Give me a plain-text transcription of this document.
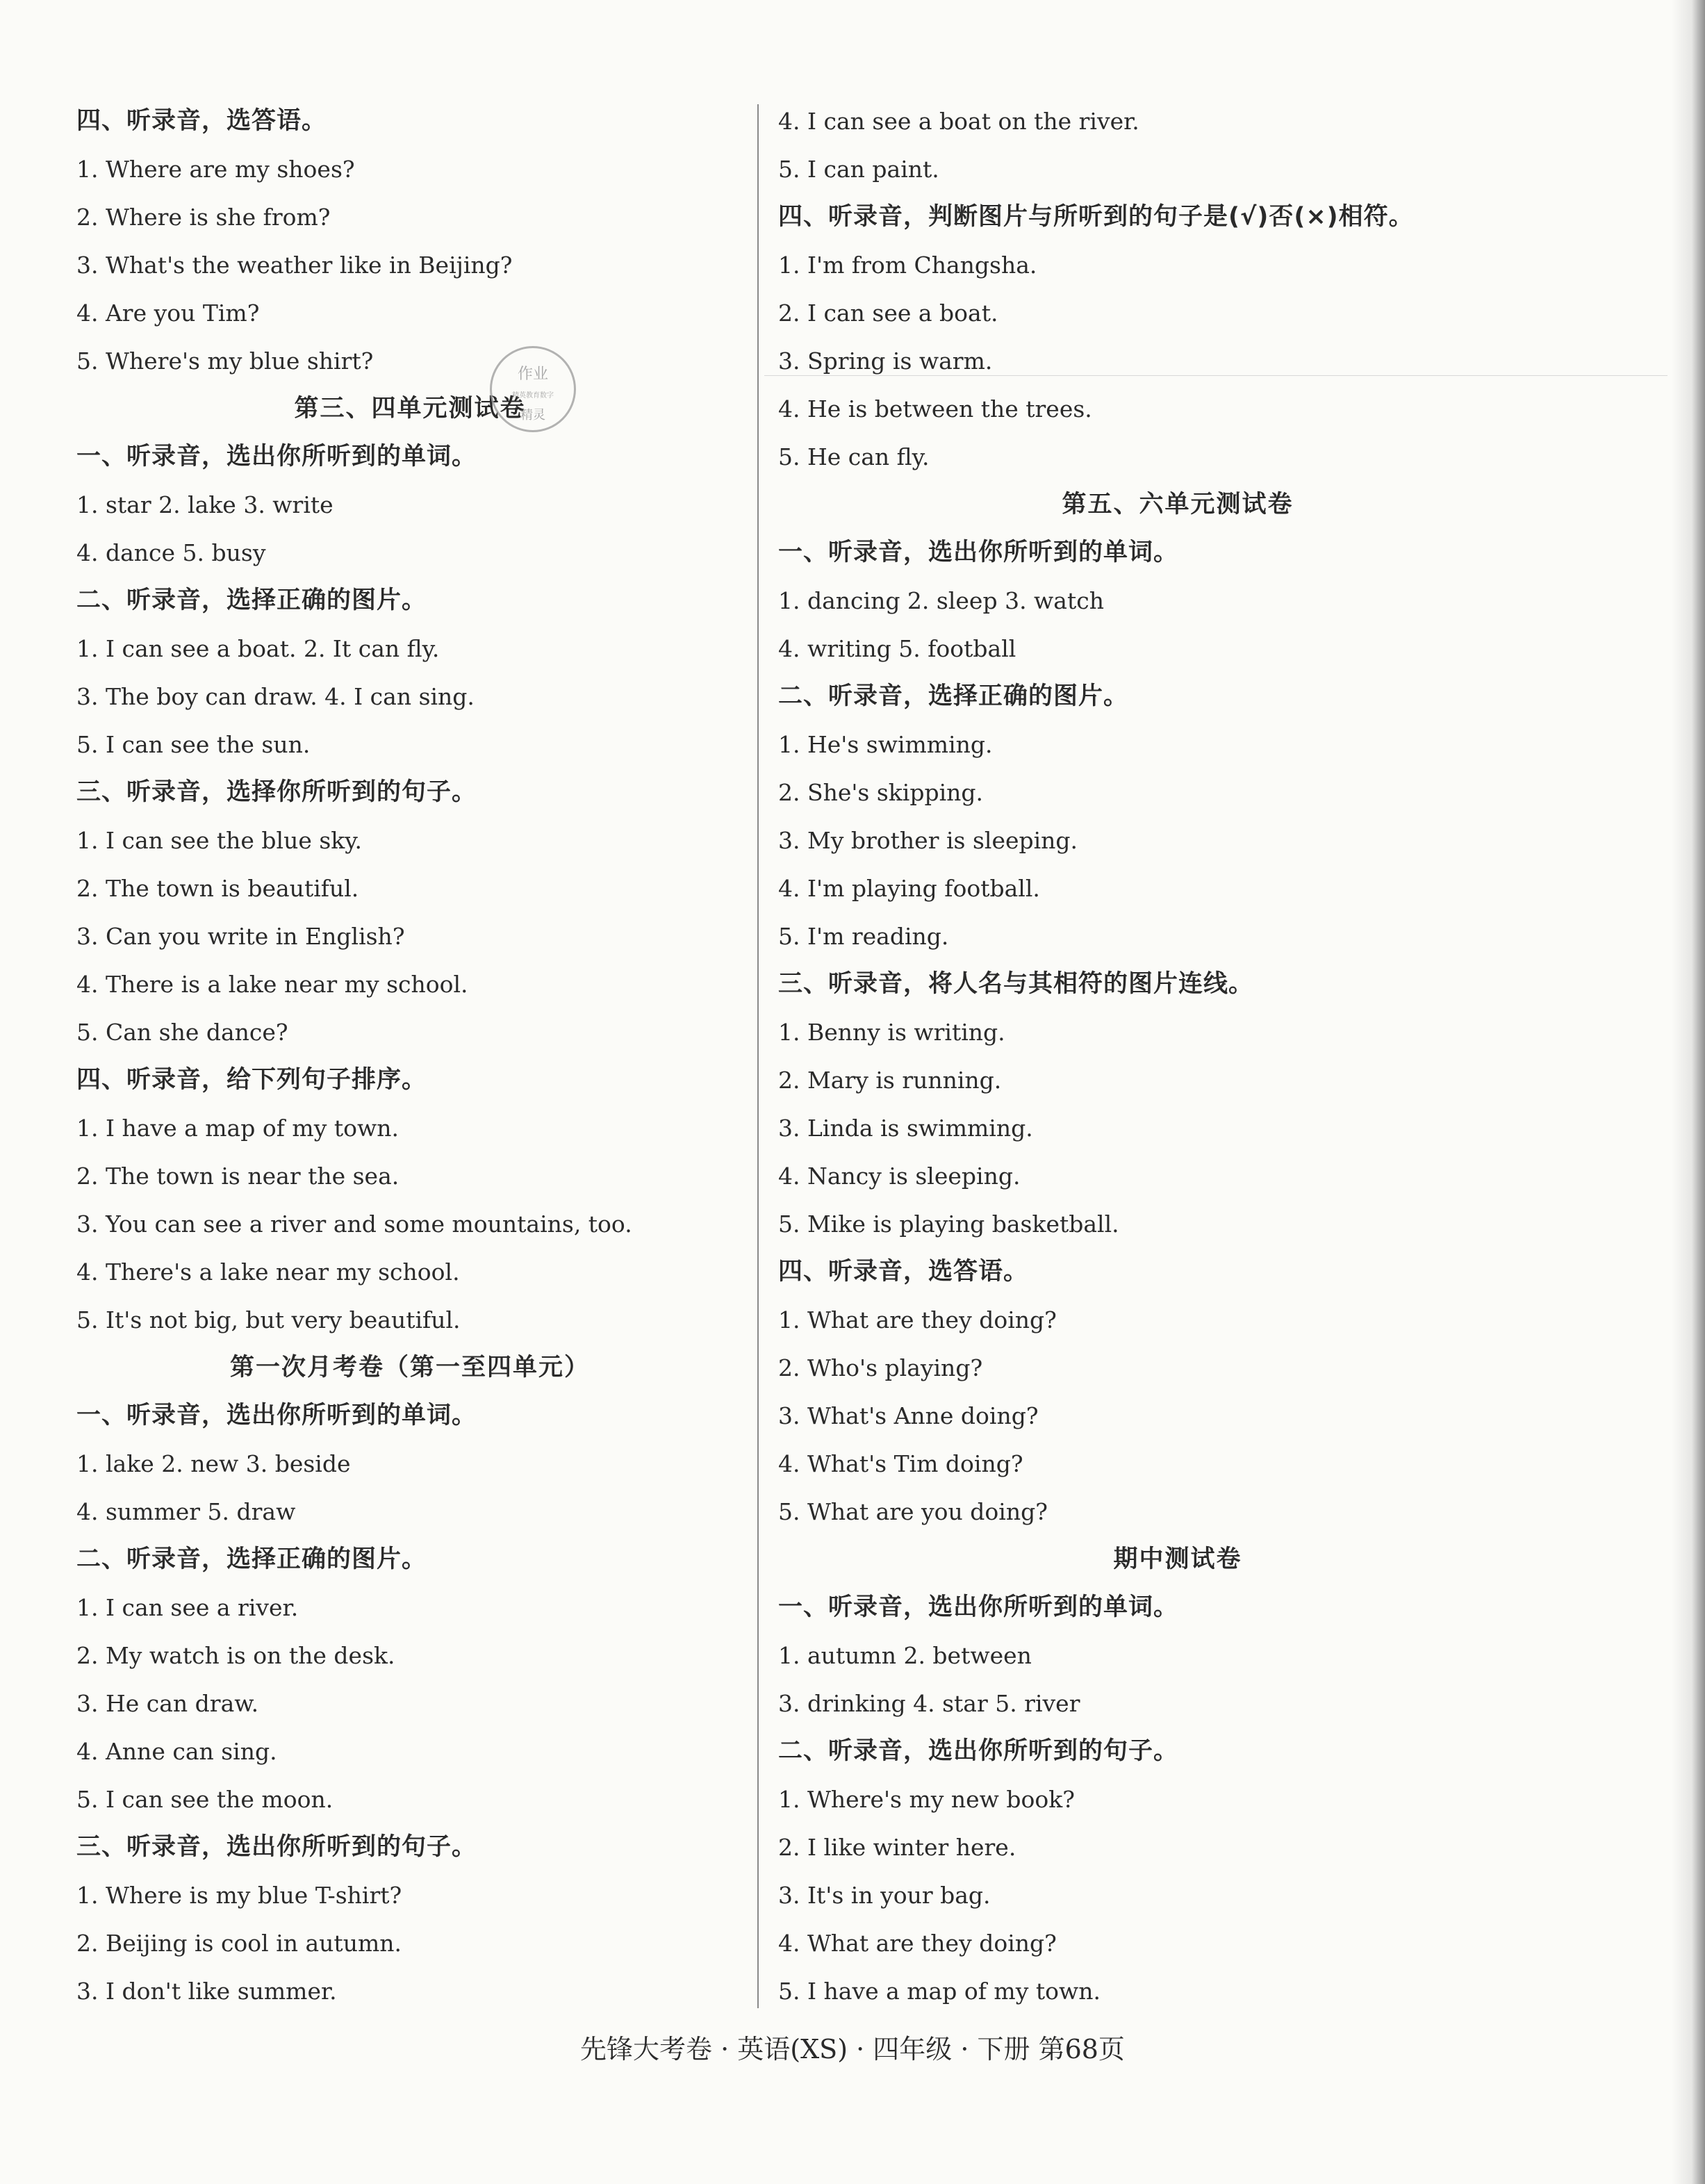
四、听录音，选答语。
1. Where are my shoes?
2. Where is she from?
3. What's the weather like in Beijing?
4. Are you Tim?
5. Where's my blue shirt?
第三、四单元测试卷
一、听录音，选出你所听到的单词。
1. star 2. lake 3. write
4. dance 5. busy
二、听录音，选择正确的图片。
1. I can see a boat. 2. It can fly.
3. The boy can draw. 4. I can sing.
5. I can see the sun.
三、听录音，选择你所听到的句子。
1. I can see the blue sky.
2. The town is beautiful.
3. Can you write in English?
4. There is a lake near my school.
5. Can she dance?
四、听录音，给下列句子排序。
1. I have a map of my town.
2. The town is near the sea.
3. You can see a river and some mountains, too.
4. There's a lake near my school.
5. It's not big, but very beautiful.
第一次月考卷（第一至四单元）
一、听录音，选出你所听到的单词。
1. lake 2. new 3. beside
4. summer 5. draw
二、听录音，选择正确的图片。
1. I can see a river.
2. My watch is on the desk.
3. He can draw.
4. Anne can sing.
5. I can see the moon.
三、听录音，选出你所听到的句子。
1. Where is my blue T-shirt?
2. Beijing is cool in autumn.
3. I don't like summer.
4. I can see a boat on the river.
5. I can paint.
四、听录音，判断图片与所听到的句子是(√)否(×)相符。
1. I'm from Changsha.
2. I can see a boat.
3. Spring is warm.
4. He is between the trees.
5. He can fly.
第五、六单元测试卷
一、听录音，选出你所听到的单词。
1. dancing 2. sleep 3. watch
4. writing 5. football
二、听录音，选择正确的图片。
1. He's swimming.
2. She's skipping.
3. My brother is sleeping.
4. I'm playing football.
5. I'm reading.
三、听录音，将人名与其相符的图片连线。
1. Benny is writing.
2. Mary is running.
3. Linda is swimming.
4. Nancy is sleeping.
5. Mike is playing basketball.
四、听录音，选答语。
1. What are they doing?
2. Who's playing?
3. What's Anne doing?
4. What's Tim doing?
5. What are you doing?
期中测试卷
一、听录音，选出你所听到的单词。
1. autumn 2. between
3. drinking 4. star 5. river
二、听录音，选出你所听到的句子。
1. Where's my new book?
2. I like winter here.
3. It's in your bag.
4. What are they doing?
5. I have a map of my town.
作业
精英教育数字
精灵
先锋大考卷 · 英语(XS) · 四年级 · 下册 第68页
